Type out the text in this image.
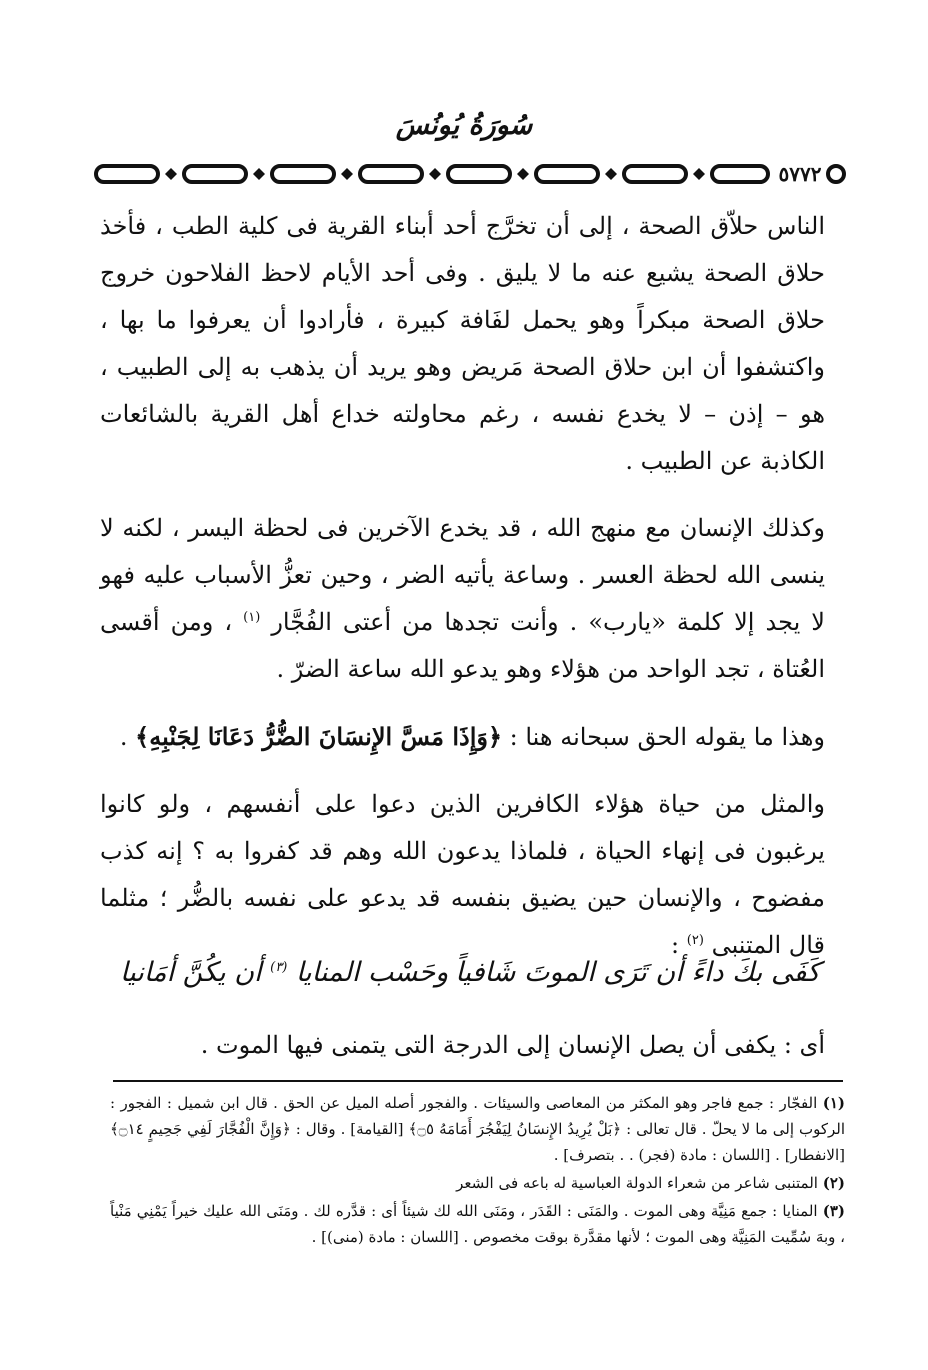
سُورَةُ يُونُسَ
٥٧٧٢

الناس حلاّق الصحة ، إلى أن تخرَّج أحد أبناء القرية فى كلية الطب ، فأخذ حلاق الصحة يشيع عنه ما لا يليق . وفى أحد الأيام لاحظ الفلاحون خروج حلاق الصحة مبكراً وهو يحمل لفَافة كبيرة ، فأرادوا أن يعرفوا ما بها ، واكتشفوا أن ابن حلاق الصحة مَريض وهو يريد أن يذهب به إلى الطبيب ، هو – إذن – لا يخدع نفسه ، رغم محاولته خداع أهل القرية بالشائعات الكاذبة عن الطبيب .

وكذلك الإنسان مع منهج الله ، قد يخدع الآخرين فى لحظة اليسر ، لكنه لا ينسى الله لحظة العسر . وساعة يأتيه الضر ، وحين تعزُّ الأسباب عليه فهو لا يجد إلا كلمة «يارب» . وأنت تجدها من أعتى الفُجَّار $^{(١)}$ ، ومن أقسى العُتاة ، تجد الواحد من هؤلاء وهو يدعو الله ساعة الضرّ .

وهذا ما يقوله الحق سبحانه هنا : ﴿وَإِذَا مَسَّ الإِنسَانَ الضُّرُّ دَعَانَا لِجَنْبِهِ﴾ .

والمثل من حياة هؤلاء الكافرين الذين دعوا على أنفسهم ، ولو كانوا يرغبون فى إنهاء الحياة ، فلماذا يدعون الله وهم قد كفروا به ؟ إنه كذب مفضوح ، والإنسان حين يضيق بنفسه قد يدعو على نفسه بالضُّر ؛ مثلما قال المتنبى $^{(٢)}$ :

كَفَى بكَ داءً أن تَرَى الموتَ شَافياً
وحَسْب المنايا $^{(٣)}$ أن يكُنَّ أمَانيا
أى : يكفى أن يصل الإنسان إلى الدرجة التى يتمنى فيها الموت .

(١) الفجّار : جمع فاجر وهو المكثر من المعاصى والسيئات . والفجور أصله الميل عن الحق . قال ابن شميل : الفجور : الركوب إلى ما لا يحلّ . قال تعالى : ﴿بَلْ يُرِيدُ الإِنسَانُ لِيَفْجُرَ أَمَامَهُ ۝٥﴾ [القيامة] . وقال : ﴿وَإِنَّ الْفُجَّارَ لَفِي جَحِيمٍ ۝١٤﴾ [الانفطار] . [اللسان : مادة (فجر) . . بتصرف] .

(٢) المتنبى شاعر من شعراء الدولة العباسية له باعه فى الشعر

(٣) المنايا : جمع مَنِيَّة وهى الموت . والمَنَى : القَدَر ، ومَنَى الله لك شيئاً أى : قدَّره لك . ومَنَى الله عليك خيراً يَمْنِي مَنْياً ، وبهَ سُمِّيت المَنِيَّة وهى الموت ؛ لأنها مقدَّرة بوقت مخصوص . [اللسان : مادة (منى)] .
